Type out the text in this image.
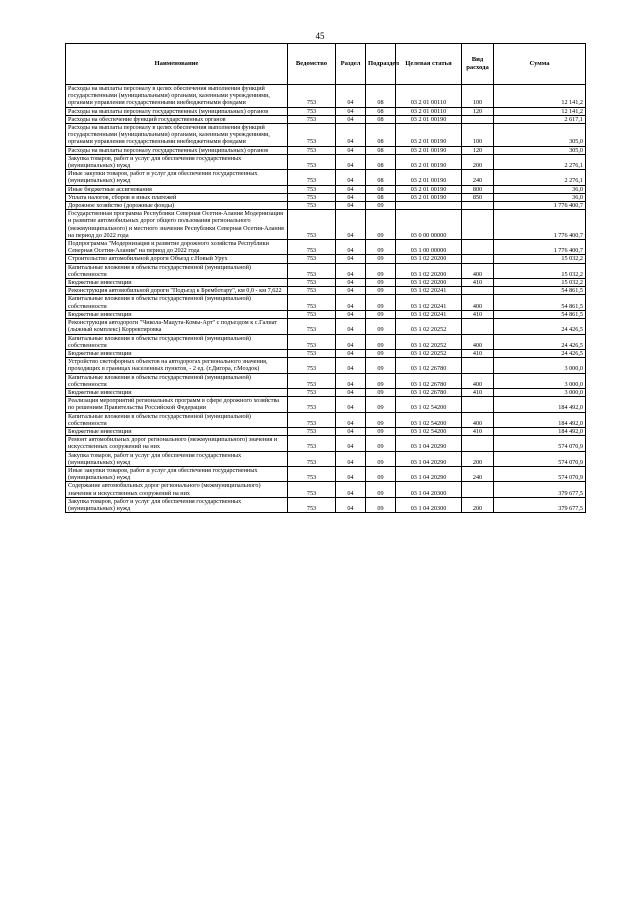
45
Наименование	Ведомство	Раздел	Подраздел	Целевая статья	Вид расхода	Сумма
Расходы на выплаты персоналу в целях обеспечения выполнения функций государственными (муниципальными) органами, казенными учреждениями, органами управления государственными внебюджетными фондами	753	04	08	03 2 01 00110	100	12 141,2
Расходы на выплаты персоналу государственных (муниципальных) органов	753	04	08	03 2 01 00110	120	12 141,2
Расходы на обеспечение функций государственных органов	753	04	08	03 2 01 00190		2 617,1
Расходы на выплаты персоналу в целях обеспечения выполнения функций государственными (муниципальными) органами, казенными учреждениями, органами управления государственными внебюджетными фондами	753	04	08	03 2 01 00190	100	305,0
Расходы на выплаты персоналу государственных (муниципальных) органов	753	04	08	03 2 01 00190	120	305,0
Закупка товаров, работ и услуг для обеспечения государственных (муниципальных) нужд	753	04	08	03 2 01 00190	200	2 276,1
Иные закупки товаров, работ и услуг для обеспечения государственных (муниципальных) нужд	753	04	08	03 2 01 00190	240	2 276,1
Иные бюджетные ассигнования	753	04	08	03 2 01 00190	800	36,0
Уплата налогов, сборов и иных платежей	753	04	08	03 2 01 00190	850	36,0
Дорожное хозяйство (дорожные фонды)	753	04	09			1 776 400,7
Государственная программа Республики Северная Осетия-Алания Модернизация и развитие автомобильных дорог общего пользования регионального (межмуниципального) и местного значения Республики Северная Осетия-Алания на период до 2022 года	753	04	09	03 0 00 00000		1 776 400,7
Подпрограмма "Модернизация и развитие дорожного хозяйства Республики Северная Осетия-Алания" на период до 2022 года	753	04	09	03 1 00 00000		1 776 400,7
Строительство автомобильной дороги Объезд с.Новый Урух	753	04	09	03 1 02 20200		15 032,2
Капитальные вложения в объекты государственной (муниципальной) собственности	753	04	09	03 1 02 20200	400	15 032,2
Бюджетные инвестиции	753	04	09	03 1 02 20200	410	15 032,2
Реконструкция автомобильной дороги "Подъезд к Бремботару", км 0,0 - км 7,622	753	04	09	03 1 02 20241		54 861,5
Капитальные вложения в объекты государственной (муниципальной) собственности	753	04	09	03 1 02 20241	400	54 861,5
Бюджетные инвестиции	753	04	09	03 1 02 20241	410	54 861,5
Реконструкция автодороги "Чикола-Мацута-Комы-Арт" с подъездом к с.Галиат (лыжный комплекс) Корректировка	753	04	09	03 1 02 20252		24 426,5
Капитальные вложения в объекты государственной (муниципальной) собственности	753	04	09	03 1 02 20252	400	24 426,5
Бюджетные инвестиции	753	04	09	03 1 02 20252	410	24 426,5
Устройство светофорных объектов на автодорогах регионального значения, проходящих в границах населенных пунктов, - 2 ед. (г.Дигора, г.Моздок)	753	04	09	03 1 02 26780		3 000,0
Капитальные вложения в объекты государственной (муниципальной) собственности	753	04	09	03 1 02 26780	400	3 000,0
Бюджетные инвестиции	753	04	09	03 1 02 26780	410	3 000,0
Реализация мероприятий региональных программ в сфере дорожного хозяйства по решениям Правительства Российской Федерации	753	04	09	03 1 02 54200		184 492,0
Капитальные вложения в объекты государственной (муниципальной) собственности	753	04	09	03 1 02 54200	400	184 492,0
Бюджетные инвестиции	753	04	09	03 1 02 54200	410	184 492,0
Ремонт автомобильных дорог регионального (межмуниципального) значения и искусственных сооружений на них	753	04	09	03 1 04 20290		574 070,9
Закупка товаров, работ и услуг для обеспечения государственных (муниципальных) нужд	753	04	09	03 1 04 20290	200	574 070,9
Иные закупки товаров, работ и услуг для обеспечения государственных (муниципальных) нужд	753	04	09	03 1 04 20290	240	574 070,9
Содержание автомобильных дорог регионального (межмуниципального) значения и искусственных сооружений на них	753	04	09	03 1 04 20300		379 677,5
Закупка товаров, работ и услуг для обеспечения государственных (муниципальных) нужд	753	04	09	03 1 04 20300	200	379 677,5
